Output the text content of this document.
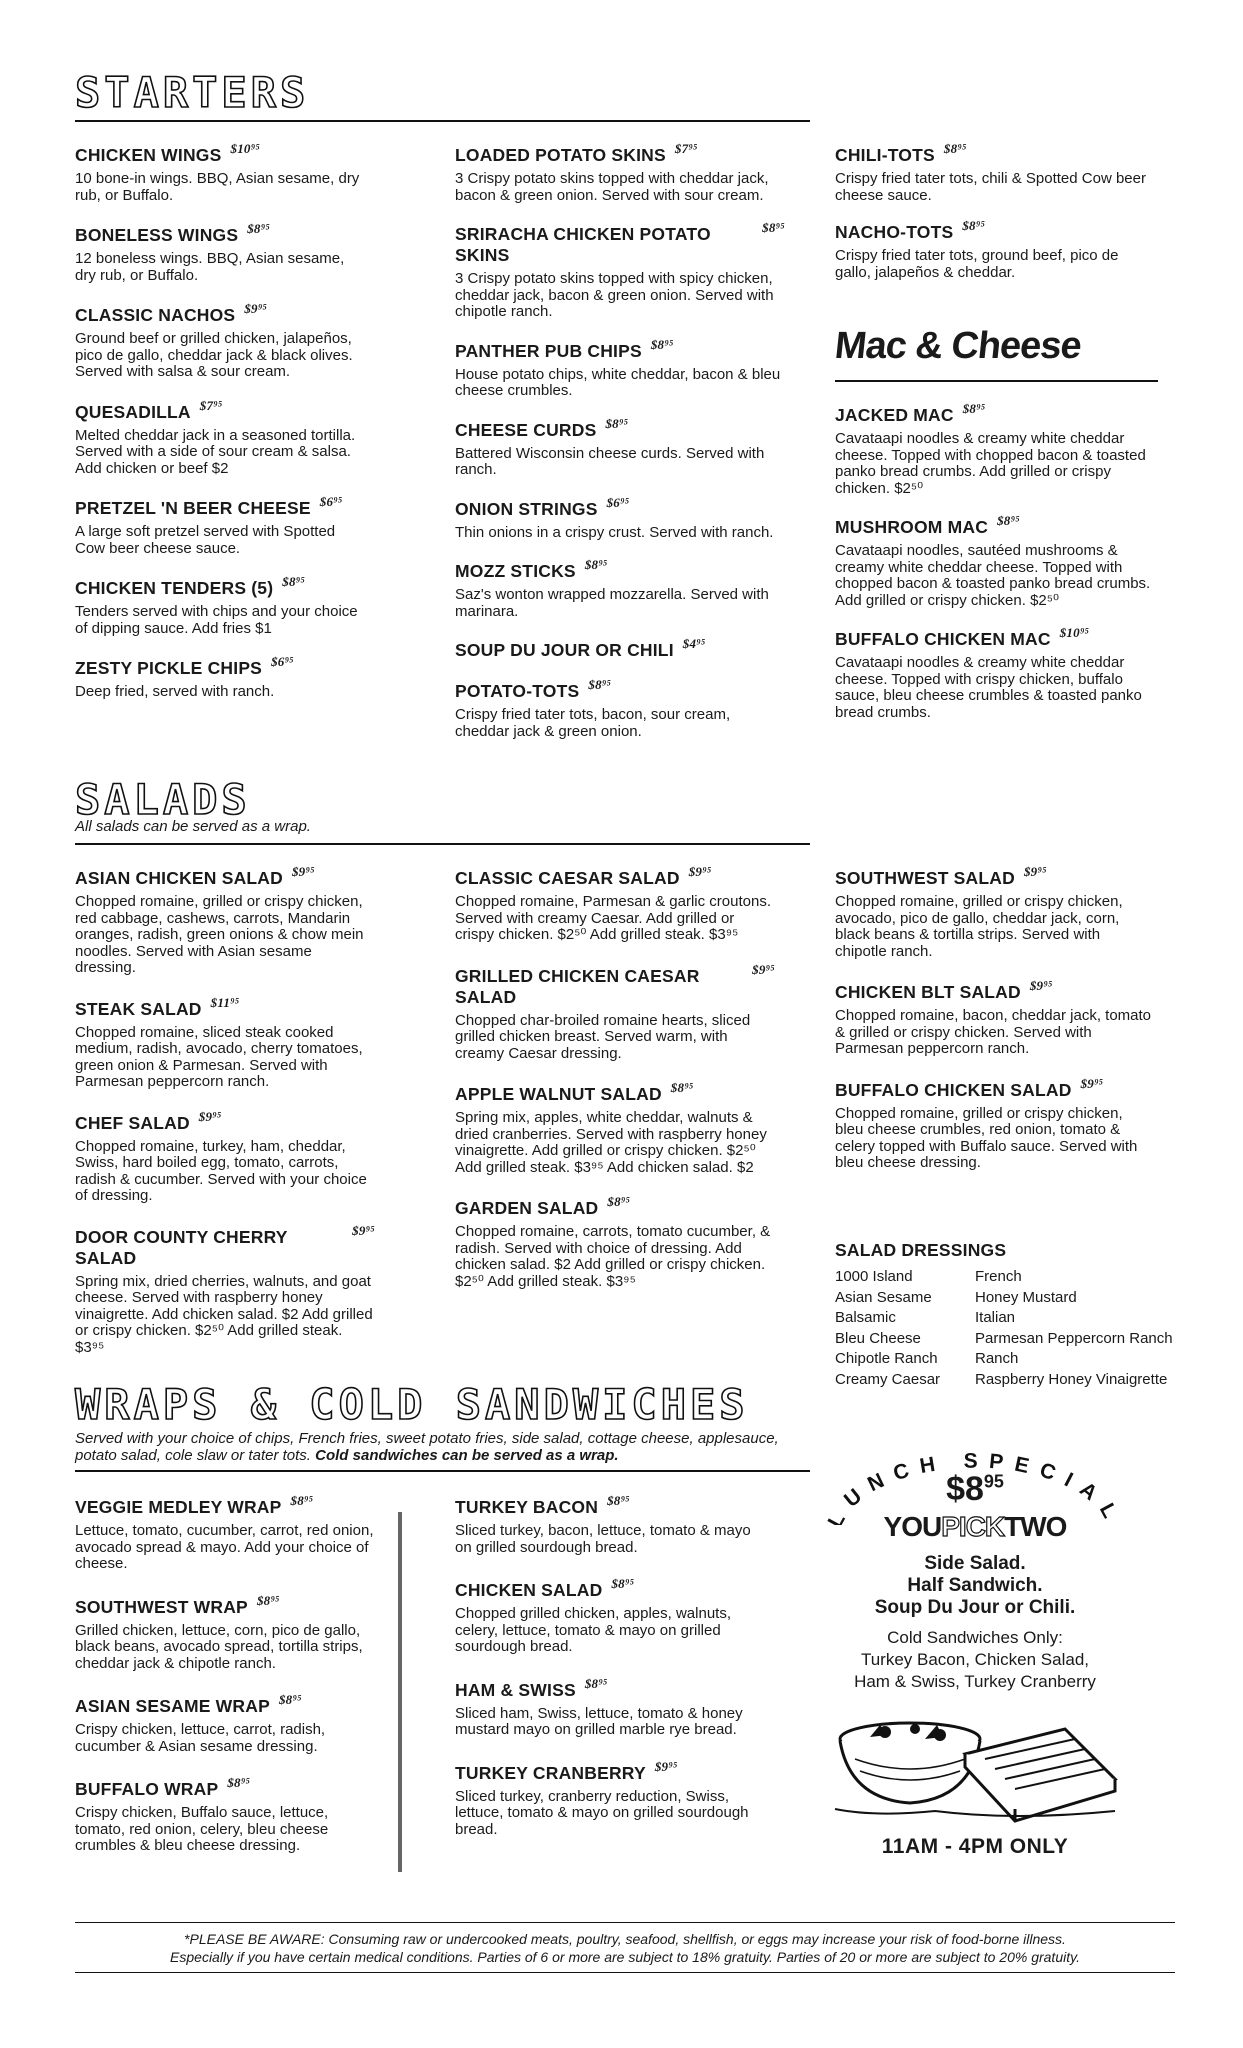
STARTERS
CHICKEN WINGS $10⁹⁵
10 bone-in wings. BBQ, Asian sesame, dry rub, or Buffalo.
BONELESS WINGS $8⁹⁵
12 boneless wings. BBQ, Asian sesame, dry rub, or Buffalo.
CLASSIC NACHOS $9⁹⁵
Ground beef or grilled chicken, jalapeños, pico de gallo, cheddar jack & black olives. Served with salsa & sour cream.
QUESADILLA $7⁹⁵
Melted cheddar jack in a seasoned tortilla. Served with a side of sour cream & salsa. Add chicken or beef $2
PRETZEL 'N BEER CHEESE $6⁹⁵
A large soft pretzel served with Spotted Cow beer cheese sauce.
CHICKEN TENDERS (5) $8⁹⁵
Tenders served with chips and your choice of dipping sauce. Add fries $1
ZESTY PICKLE CHIPS $6⁹⁵
Deep fried, served with ranch.
LOADED POTATO SKINS $7⁹⁵
3 Crispy potato skins topped with cheddar jack, bacon & green onion. Served with sour cream.
SRIRACHA CHICKEN POTATO SKINS
$8⁹⁵
3 Crispy potato skins topped with spicy chicken, cheddar jack, bacon & green onion. Served with chipotle ranch.
PANTHER PUB CHIPS $8⁹⁵
House potato chips, white cheddar, bacon & bleu cheese crumbles.
CHEESE CURDS $8⁹⁵
Battered Wisconsin cheese curds. Served with ranch.
ONION STRINGS $6⁹⁵
Thin onions in a crispy crust. Served with ranch.
MOZZ STICKS $8⁹⁵
Saz's wonton wrapped mozzarella. Served with marinara.
SOUP DU JOUR OR CHILI $4⁹⁵
POTATO-TOTS $8⁹⁵
Crispy fried tater tots, bacon, sour cream, cheddar jack & green onion.
CHILI-TOTS $8⁹⁵
Crispy fried tater tots, chili & Spotted Cow beer cheese sauce.
NACHO-TOTS $8⁹⁵
Crispy fried tater tots, ground beef, pico de gallo, jalapeños & cheddar.
Mac & Cheese
JACKED MAC $8⁹⁵
Cavataapi noodles & creamy white cheddar cheese. Topped with chopped bacon & toasted panko bread crumbs. Add grilled or crispy chicken. $2⁵⁰
MUSHROOM MAC $8⁹⁵
Cavataapi noodles, sautéed mushrooms & creamy white cheddar cheese. Topped with chopped bacon & toasted panko bread crumbs. Add grilled or crispy chicken. $2⁵⁰
BUFFALO CHICKEN MAC $10⁹⁵
Cavataapi noodles & creamy white cheddar cheese. Topped with crispy chicken, buffalo sauce, bleu cheese crumbles & toasted panko bread crumbs.
SALADS
All salads can be served as a wrap.
ASIAN CHICKEN SALAD $9⁹⁵
Chopped romaine, grilled or crispy chicken, red cabbage, cashews, carrots, Mandarin oranges, radish, green onions & chow mein noodles. Served with Asian sesame dressing.
STEAK SALAD $11⁹⁵
Chopped romaine, sliced steak cooked medium, radish, avocado, cherry tomatoes, green onion & Parmesan. Served with Parmesan peppercorn ranch.
CHEF SALAD $9⁹⁵
Chopped romaine, turkey, ham, cheddar, Swiss, hard boiled egg, tomato, carrots, radish & cucumber. Served with your choice of dressing.
DOOR COUNTY CHERRY SALAD
$9⁹⁵
Spring mix, dried cherries, walnuts, and goat cheese. Served with raspberry honey vinaigrette. Add chicken salad. $2 Add grilled or crispy chicken. $2⁵⁰ Add grilled steak. $3⁹⁵
CLASSIC CAESAR SALAD $9⁹⁵
Chopped romaine, Parmesan & garlic croutons. Served with creamy Caesar. Add grilled or crispy chicken. $2⁵⁰ Add grilled steak. $3⁹⁵
GRILLED CHICKEN CAESAR SALAD
$9⁹⁵
Chopped char-broiled romaine hearts, sliced grilled chicken breast. Served warm, with creamy Caesar dressing.
APPLE WALNUT SALAD $8⁹⁵
Spring mix, apples, white cheddar, walnuts & dried cranberries. Served with raspberry honey vinaigrette. Add grilled or crispy chicken. $2⁵⁰ Add grilled steak. $3⁹⁵ Add chicken salad. $2
GARDEN SALAD $8⁹⁵
Chopped romaine, carrots, tomato cucumber, & radish. Served with choice of dressing. Add chicken salad. $2 Add grilled or crispy chicken. $2⁵⁰ Add grilled steak. $3⁹⁵
SOUTHWEST SALAD $9⁹⁵
Chopped romaine, grilled or crispy chicken, avocado, pico de gallo, cheddar jack, corn, black beans & tortilla strips. Served with chipotle ranch.
CHICKEN BLT SALAD $9⁹⁵
Chopped romaine, bacon, cheddar jack, tomato & grilled or crispy chicken. Served with Parmesan peppercorn ranch.
BUFFALO CHICKEN SALAD $9⁹⁵
Chopped romaine, grilled or crispy chicken, bleu cheese crumbles, red onion, tomato & celery topped with Buffalo sauce. Served with bleu cheese dressing.
SALAD DRESSINGS
1000 Island	French
Asian Sesame	Honey Mustard
Balsamic	Italian
Bleu Cheese	Parmesan Peppercorn Ranch
Chipotle Ranch	Ranch
Creamy Caesar	Raspberry Honey Vinaigrette
WRAPS & COLD SANDWICHES
Served with your choice of chips, French fries, sweet potato fries, side salad, cottage cheese, applesauce, potato salad, cole slaw or tater tots. Cold sandwiches can be served as a wrap.
VEGGIE MEDLEY WRAP $8⁹⁵
Lettuce, tomato, cucumber, carrot, red onion, avocado spread & mayo. Add your choice of cheese.
SOUTHWEST WRAP $8⁹⁵
Grilled chicken, lettuce, corn, pico de gallo, black beans, avocado spread, tortilla strips, cheddar jack & chipotle ranch.
ASIAN SESAME WRAP $8⁹⁵
Crispy chicken, lettuce, carrot, radish, cucumber & Asian sesame dressing.
BUFFALO WRAP $8⁹⁵
Crispy chicken, Buffalo sauce, lettuce, tomato, red onion, celery, bleu cheese crumbles & bleu cheese dressing.
TURKEY BACON $8⁹⁵
Sliced turkey, bacon, lettuce, tomato & mayo on grilled sourdough bread.
CHICKEN SALAD $8⁹⁵
Chopped grilled chicken, apples, walnuts, celery, lettuce, tomato & mayo on grilled sourdough bread.
HAM & SWISS $8⁹⁵
Sliced ham, Swiss, lettuce, tomato & honey mustard mayo on grilled marble rye bread.
TURKEY CRANBERRY $9⁹⁵
Sliced turkey, cranberry reduction, Swiss, lettuce, tomato & mayo on grilled sourdough bread.
LUNCH SPECIAL
$\$8^{95}$
YOUPICKTWO
Side Salad.
Half Sandwich.
Soup Du Jour or Chili.
Cold Sandwiches Only:
Turkey Bacon, Chicken Salad,
Ham & Swiss, Turkey Cranberry
11AM - 4PM ONLY
*PLEASE BE AWARE: Consuming raw or undercooked meats, poultry, seafood, shellfish, or eggs may increase your risk of food-borne illness.
Especially if you have certain medical conditions. Parties of 6 or more are subject to 18% gratuity. Parties of 20 or more are subject to 20% gratuity.
